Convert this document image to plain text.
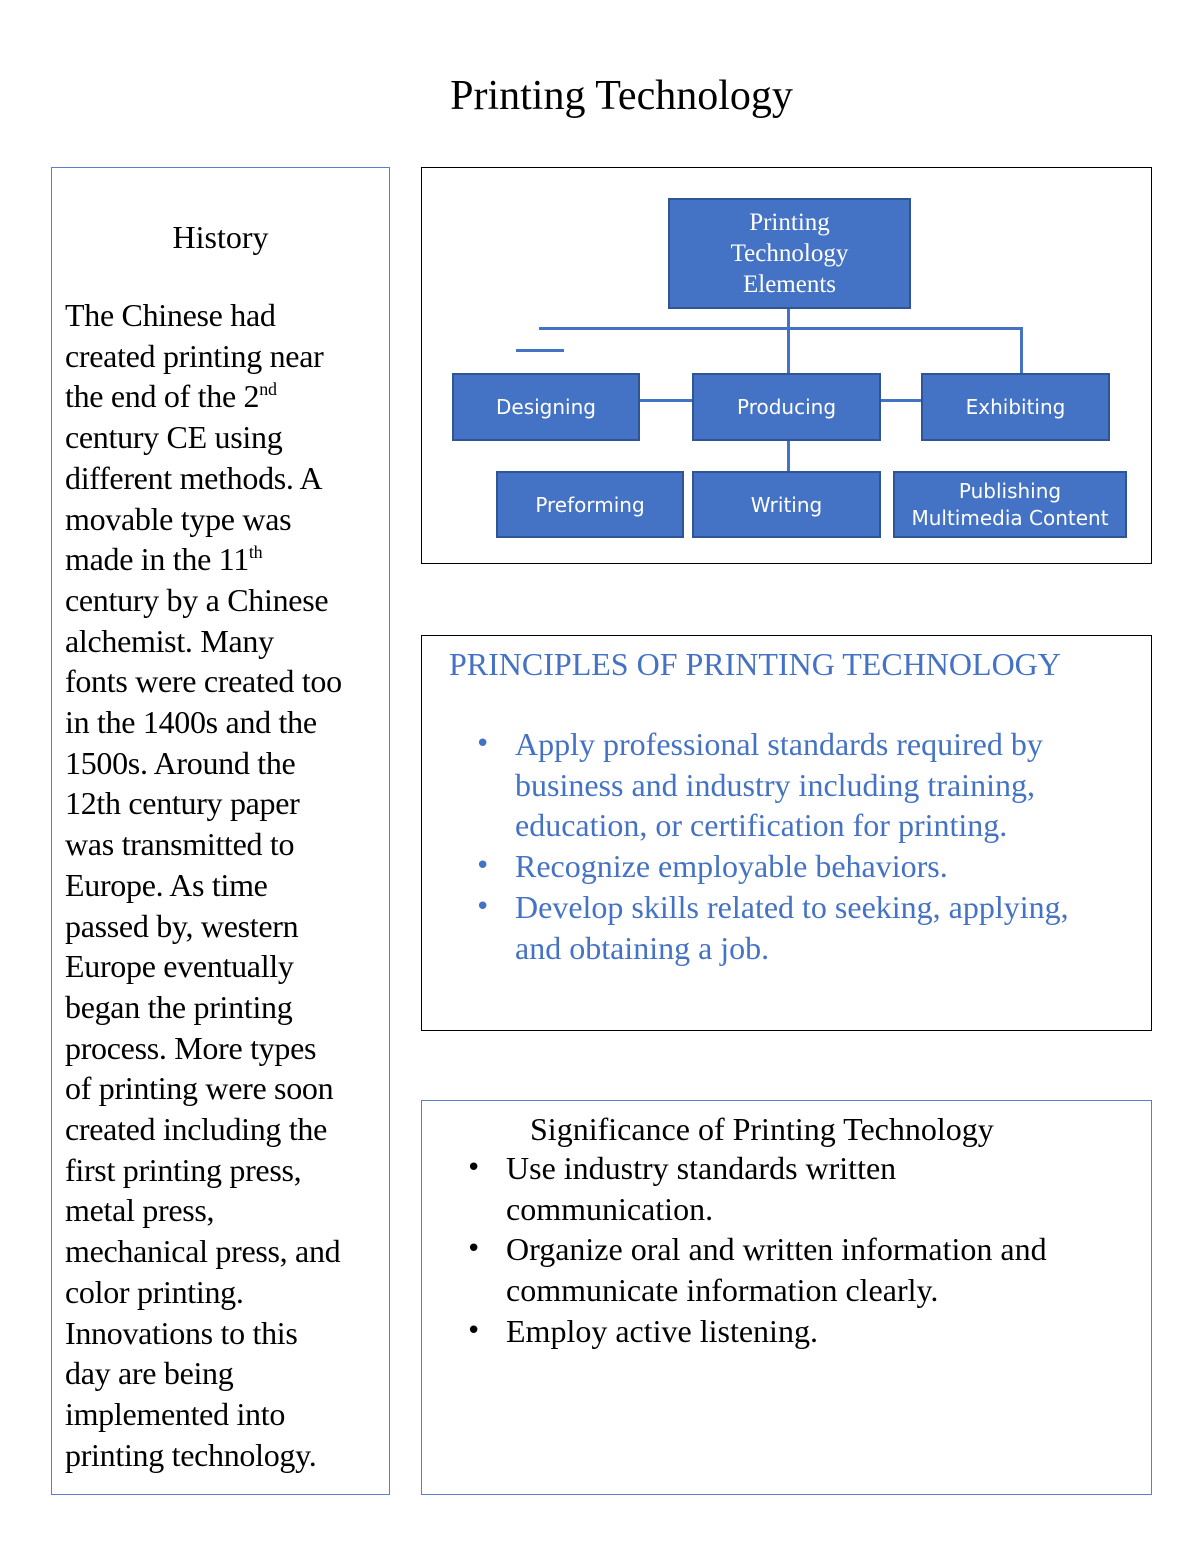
Printing Technology
History
The Chinese had
created printing near
the end of the 2nd
century CE using
different methods. A
movable type was
made in the 11th
century by a Chinese
alchemist. Many
fonts were created too
in the 1400s and the
1500s. Around the
12th century paper
was transmitted to
Europe. As time
passed by, western
Europe eventually
began the printing
process. More types
of printing were soon
created including the
first printing press,
metal press,
mechanical press, and
color printing.
Innovations to this
day are being
implemented into
printing technology.
Printing
Technology
Elements
Designing	Producing	Exhibiting
Preforming	Writing
Publishing
Multimedia Content
PRINCIPLES OF PRINTING TECHNOLOGY
• Apply professional standards required by
business and industry including training,
education, or certification for printing.
• Recognize employable behaviors.
• Develop skills related to seeking, applying,
and obtaining a job.
Significance of Printing Technology
• Use industry standards written
communication.
• Organize oral and written information and
communicate information clearly.
• Employ active listening.
